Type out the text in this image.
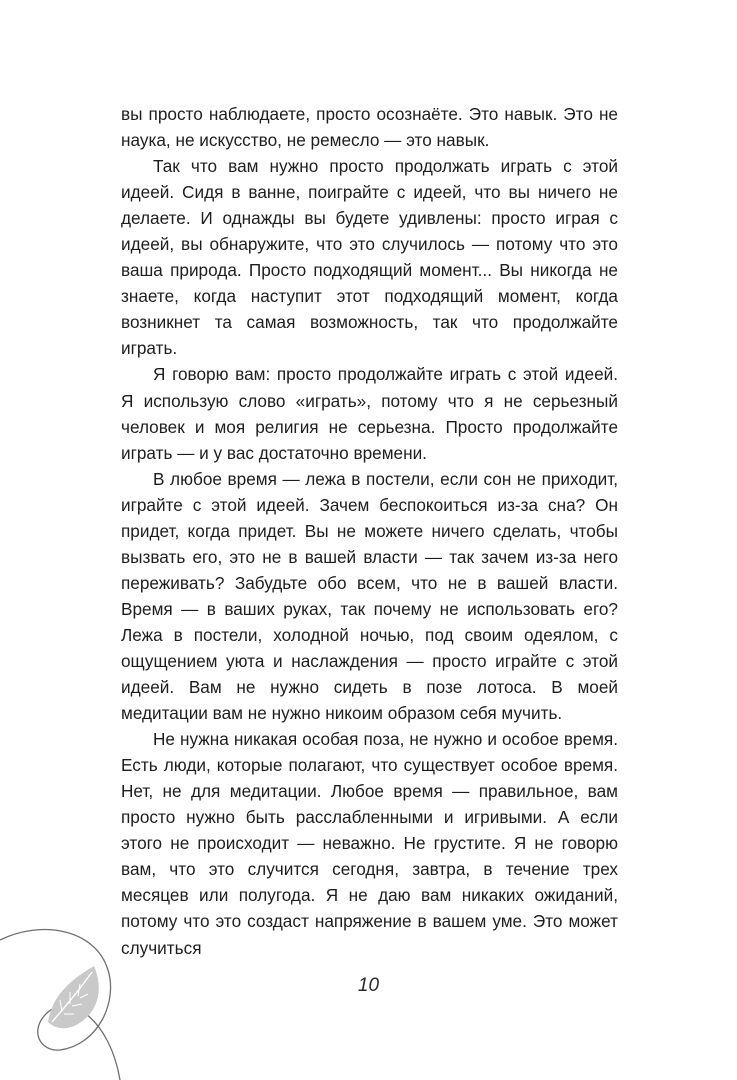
вы просто наблюдаете, просто осознаёте. Это навык. Это не наука, не искусство, не ремесло — это навык.

Так что вам нужно просто продолжать играть с этой идеей. Сидя в ванне, поиграйте с идеей, что вы ничего не делаете. И однажды вы будете удивлены: просто играя с идеей, вы обнаружите, что это случилось — потому что это ваша природа. Просто подходящий момент... Вы никогда не знаете, когда наступит этот подходящий момент, когда возникнет та самая возможность, так что продолжайте играть.

Я говорю вам: просто продолжайте играть с этой идеей. Я использую слово «играть», потому что я не серьезный человек и моя религия не серьезна. Просто продолжайте играть — и у вас достаточно времени.

В любое время — лежа в постели, если сон не приходит, играйте с этой идеей. Зачем беспокоиться из-за сна? Он придет, когда придет. Вы не можете ничего сделать, чтобы вызвать его, это не в вашей власти — так зачем из-за него переживать? Забудьте обо всем, что не в вашей власти. Время — в ваших руках, так почему не использовать его? Лежа в постели, холодной ночью, под своим одеялом, с ощущением уюта и наслаждения — просто играйте с этой идеей. Вам не нужно сидеть в позе лотоса. В моей медитации вам не нужно никоим образом себя мучить.

Не нужна никакая особая поза, не нужно и особое время. Есть люди, которые полагают, что существует особое время. Нет, не для медитации. Любое время — правильное, вам просто нужно быть расслабленными и игривыми. А если этого не происходит — неважно. Не грустите. Я не говорю вам, что это случится сегодня, завтра, в течение трех месяцев или полугода. Я не даю вам никаких ожиданий, потому что это создаст напряжение в вашем уме. Это может случиться

10
